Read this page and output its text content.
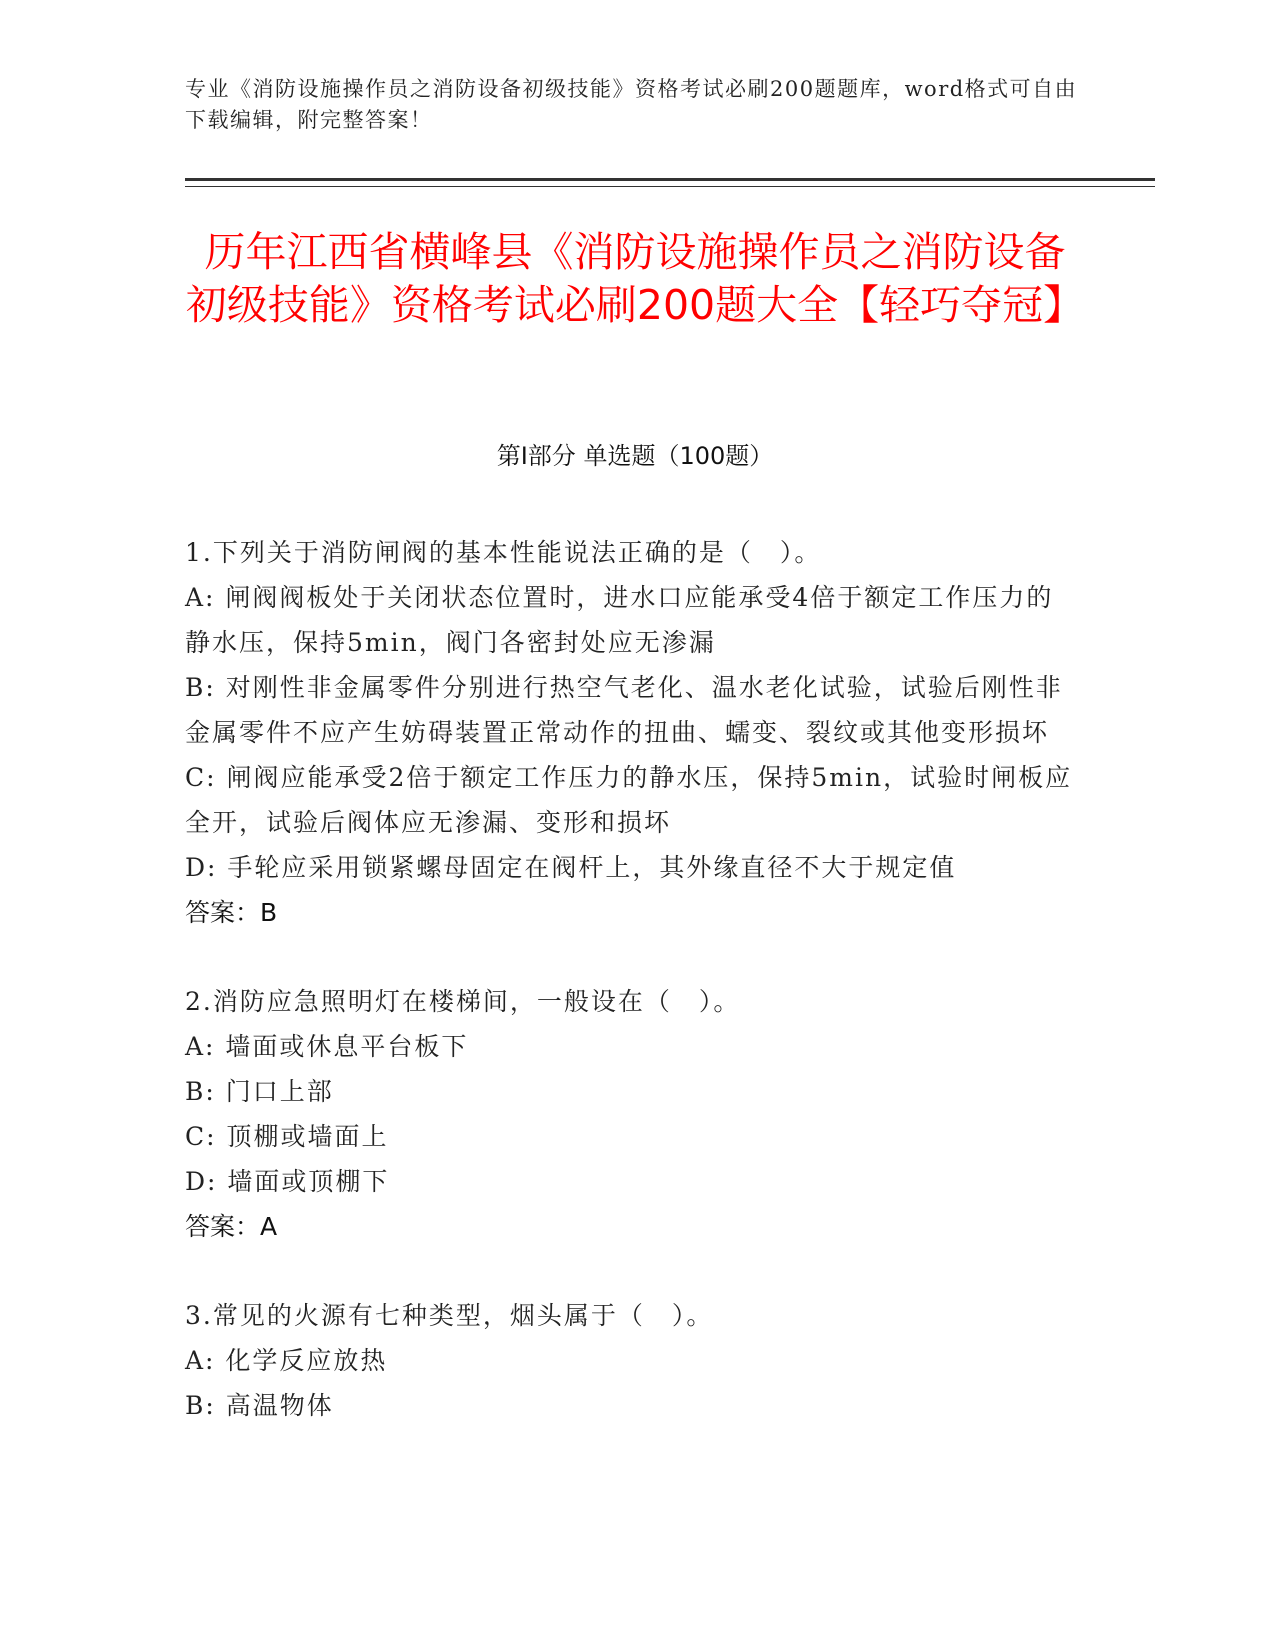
专业《消防设施操作员之消防设备初级技能》资格考试必刷200题题库，word格式可自由下载编辑，附完整答案！
历年江西省横峰县《消防设施操作员之消防设备初级技能》资格考试必刷200题大全【轻巧夺冠】
第Ⅰ部分 单选题（100题）
1.下列关于消防闸阀的基本性能说法正确的是（　）。
A: 闸阀阀板处于关闭状态位置时，进水口应能承受4倍于额定工作压力的静水压，保持5min，阀门各密封处应无渗漏
B: 对刚性非金属零件分别进行热空气老化、温水老化试验，试验后刚性非金属零件不应产生妨碍装置正常动作的扭曲、蠕变、裂纹或其他变形损坏
C: 闸阀应能承受2倍于额定工作压力的静水压，保持5min，试验时闸板应全开，试验后阀体应无渗漏、变形和损坏
D: 手轮应采用锁紧螺母固定在阀杆上，其外缘直径不大于规定值
答案：B
2.消防应急照明灯在楼梯间，一般设在（　）。
A: 墙面或休息平台板下
B: 门口上部
C: 顶棚或墙面上
D: 墙面或顶棚下
答案：A
3.常见的火源有七种类型，烟头属于（　）。
A: 化学反应放热
B: 高温物体
